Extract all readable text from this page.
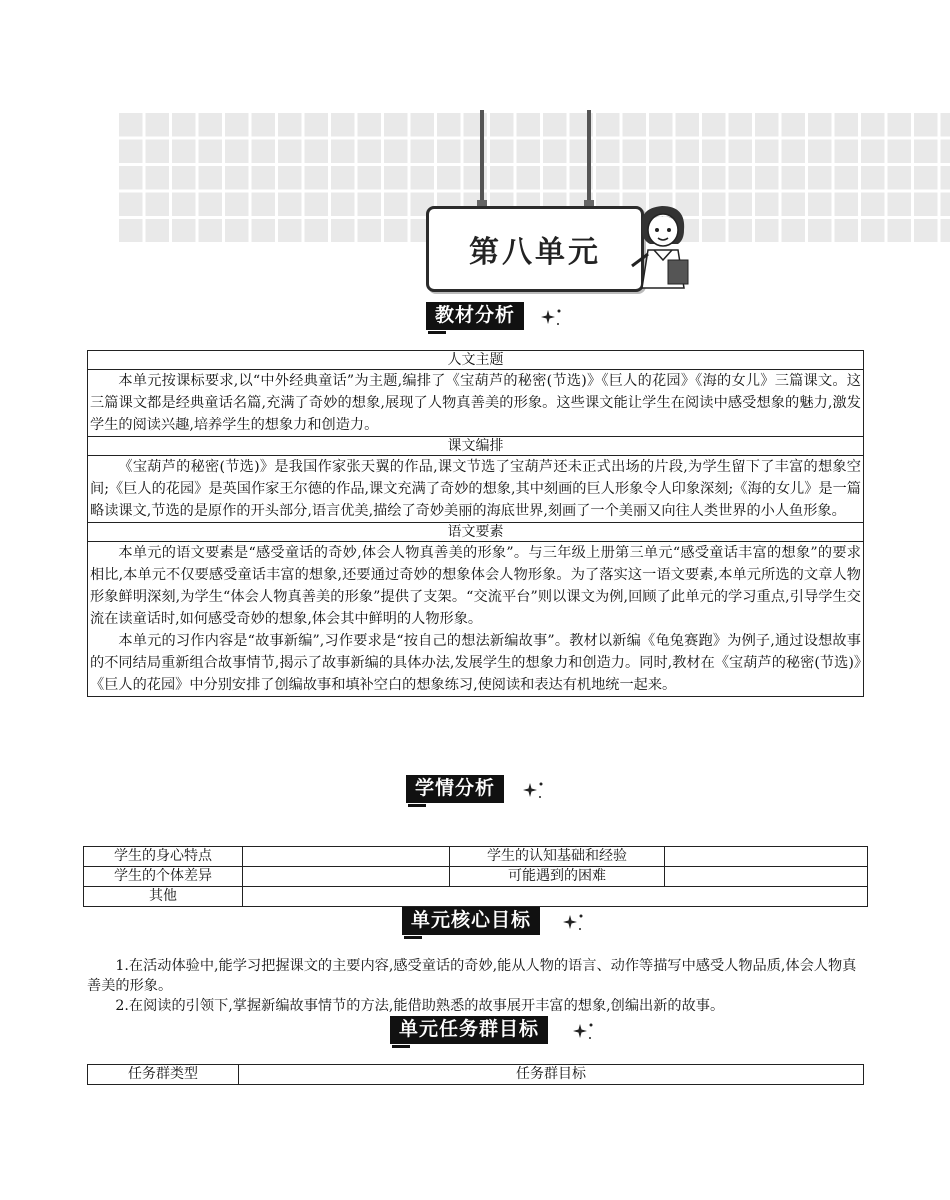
第八单元
教材分析
人文主题

本单元按课标要求,以“中外经典童话”为主题,编排了《宝葫芦的秘密(节选)》《巨人的花园》《海的女儿》三篇课文。这三篇课文都是经典童话名篇,充满了奇妙的想象,展现了人物真善美的形象。这些课文能让学生在阅读中感受想象的魅力,激发学生的阅读兴趣,培养学生的想象力和创造力。

课文编排

《宝葫芦的秘密(节选)》是我国作家张天翼的作品,课文节选了宝葫芦还未正式出场的片段,为学生留下了丰富的想象空间;《巨人的花园》是英国作家王尔德的作品,课文充满了奇妙的想象,其中刻画的巨人形象令人印象深刻;《海的女儿》是一篇略读课文,节选的是原作的开头部分,语言优美,描绘了奇妙美丽的海底世界,刻画了一个美丽又向往人类世界的小人鱼形象。

语文要素

本单元的语文要素是“感受童话的奇妙,体会人物真善美的形象”。与三年级上册第三单元“感受童话丰富的想象”的要求相比,本单元不仅要感受童话丰富的想象,还要通过奇妙的想象体会人物形象。为了落实这一语文要素,本单元所选的文章人物形象鲜明深刻,为学生“体会人物真善美的形象”提供了支架。“交流平台”则以课文为例,回顾了此单元的学习重点,引导学生交流在读童话时,如何感受奇妙的想象,体会其中鲜明的人物形象。

本单元的习作内容是“故事新编”,习作要求是“按自己的想法新编故事”。教材以新编《龟兔赛跑》为例子,通过设想故事的不同结局重新组合故事情节,揭示了故事新编的具体办法,发展学生的想象力和创造力。同时,教材在《宝葫芦的秘密(节选)》《巨人的花园》中分别安排了创编故事和填补空白的想象练习,使阅读和表达有机地统一起来。

学情分析
学生的身心特点		学生的认知基础和经验	
学生的个体差异		可能遇到的困难	
其他			
单元核心目标

1.在活动体验中,能学习把握课文的主要内容,感受童话的奇妙,能从人物的语言、动作等描写中感受人物品质,体会人物真善美的形象。

2.在阅读的引领下,掌握新编故事情节的方法,能借助熟悉的故事展开丰富的想象,创编出新的故事。

单元任务群目标
任务群类型	任务群目标
